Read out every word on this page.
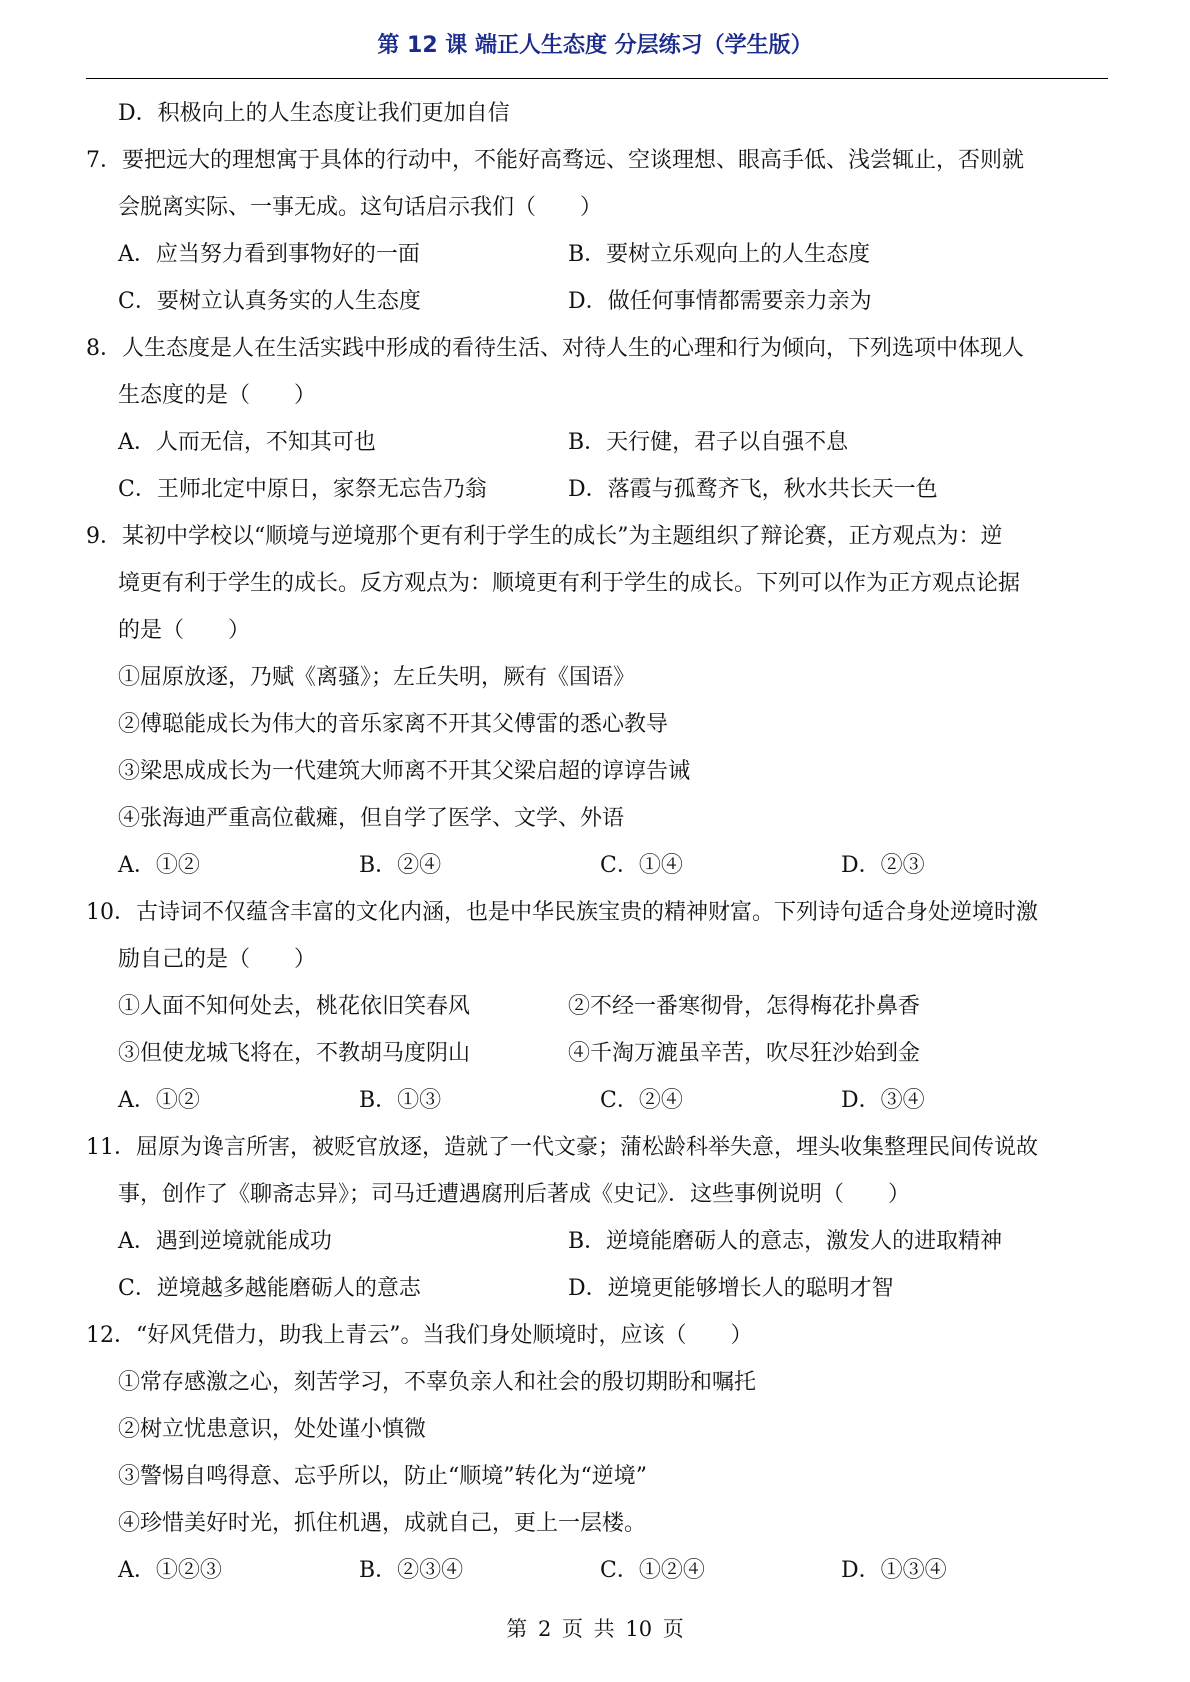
第 12 课 端正人生态度 分层练习（学生版）
D．积极向上的人生态度让我们更加自信
7．要把远大的理想寓于具体的行动中，不能好高骛远、空谈理想、眼高手低、浅尝辄止，否则就
会脱离实际、一事无成。这句话启示我们（　　）
A．应当努力看到事物好的一面	B．要树立乐观向上的人生态度
C．要树立认真务实的人生态度	D．做任何事情都需要亲力亲为
8．人生态度是人在生活实践中形成的看待生活、对待人生的心理和行为倾向，下列选项中体现人
生态度的是（　　）
A．人而无信，不知其可也	B．天行健，君子以自强不息
C．王师北定中原日，家祭无忘告乃翁	D．落霞与孤鹜齐飞，秋水共长天一色
9．某初中学校以“顺境与逆境那个更有利于学生的成长”为主题组织了辩论赛，正方观点为：逆
境更有利于学生的成长。反方观点为：顺境更有利于学生的成长。下列可以作为正方观点论据
的是（　　）
①屈原放逐，乃赋《离骚》；左丘失明，厥有《国语》
②傅聪能成长为伟大的音乐家离不开其父傅雷的悉心教导
③梁思成成长为一代建筑大师离不开其父梁启超的谆谆告诫
④张海迪严重高位截瘫，但自学了医学、文学、外语
A．①②	B．②④	C．①④	D．②③
10．古诗词不仅蕴含丰富的文化内涵，也是中华民族宝贵的精神财富。下列诗句适合身处逆境时激
励自己的是（　　）
①人面不知何处去，桃花依旧笑春风	②不经一番寒彻骨，怎得梅花扑鼻香
③但使龙城飞将在，不教胡马度阴山	④千淘万漉虽辛苦，吹尽狂沙始到金
A．①②	B．①③	C．②④	D．③④
11．屈原为谗言所害，被贬官放逐，造就了一代文豪；蒲松龄科举失意，埋头收集整理民间传说故
事，创作了《聊斋志异》；司马迁遭遇腐刑后著成《史记》．这些事例说明（　　）
A．遇到逆境就能成功	B．逆境能磨砺人的意志，激发人的进取精神
C．逆境越多越能磨砺人的意志	D．逆境更能够增长人的聪明才智
12．“好风凭借力，助我上青云”。当我们身处顺境时，应该（　　）
①常存感激之心，刻苦学习，不辜负亲人和社会的殷切期盼和嘱托
②树立忧患意识，处处谨小慎微
③警惕自鸣得意、忘乎所以，防止“顺境”转化为“逆境”
④珍惜美好时光，抓住机遇，成就自己，更上一层楼。
A．①②③	B．②③④	C．①②④	D．①③④
第 2 页 共 10 页
